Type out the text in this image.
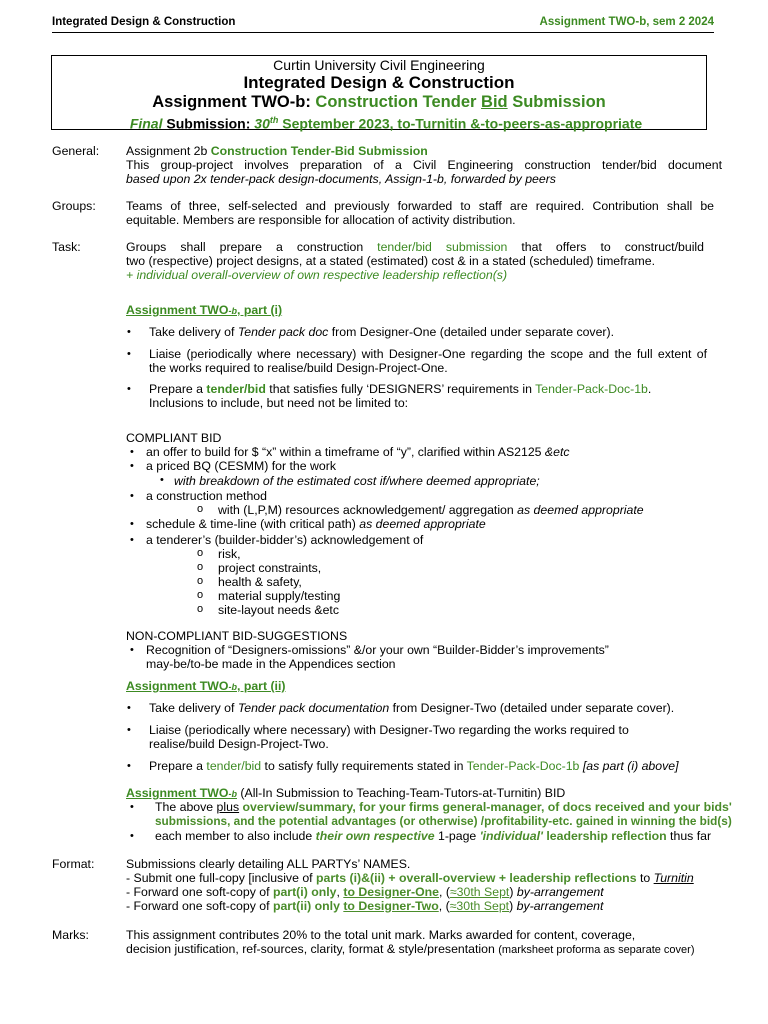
Integrated Design & Construction	Assignment TWO-b, sem 2 2024
Curtin University Civil Engineering
Integrated Design & Construction
Assignment TWO-b: Construction Tender Bid Submission
Final Submission: 30th September 2023, to-Turnitin &-to-peers-as-appropriate
General: Assignment 2b Construction Tender-Bid Submission
This group-project involves preparation of a Civil Engineering construction tender/bid document
based upon 2x tender-pack design-documents, Assign-1-b, forwarded by peers
Groups: Teams of three, self-selected and previously forwarded to staff are required. Contribution shall be
equitable. Members are responsible for allocation of activity distribution.
Task:	Groups shall prepare a construction tender/bid submission that offers to construct/build
two (respective) project designs, at a stated (estimated) cost & in a stated (scheduled) timeframe.
+ individual overall-overview of own respective leadership reflection(s)
Assignment TWO-b, part (i)
• Take delivery of Tender pack doc from Designer-One (detailed under separate cover).
• Liaise (periodically where necessary) with Designer-One regarding the scope and the full extent of
the works required to realise/build Design-Project-One.
• Prepare a tender/bid that satisfies fully ‘DESIGNERS’ requirements in Tender-Pack-Doc-1b.
Inclusions to include, but need not be limited to:
COMPLIANT BID
• an offer to build for $ “x” within a timeframe of “y”, clarified within AS2125 &etc
• a priced BQ (CESMM) for the work
• with breakdown of the estimated cost if/where deemed appropriate;
• a construction method
o with (L,P,M) resources acknowledgement/ aggregation as deemed appropriate
• schedule & time-line (with critical path) as deemed appropriate
• a tenderer’s (builder-bidder’s) acknowledgement of
o risk,
o project constraints,
o health & safety,
o material supply/testing
o site-layout needs &etc
NON-COMPLIANT BID-SUGGESTIONS
• Recognition of “Designers-omissions” &/or your own “Builder-Bidder’s improvements”
may-be/to-be made in the Appendices section
Assignment TWO-b, part (ii)
• Take delivery of Tender pack documentation from Designer-Two (detailed under separate cover).
• Liaise (periodically where necessary) with Designer-Two regarding the works required to
realise/build Design-Project-Two.
• Prepare a tender/bid to satisfy fully requirements stated in Tender-Pack-Doc-1b [as part (i) above]
Assignment TWO-b (All-In Submission to Teaching-Team-Tutors-at-Turnitin) BID
• The above plus overview/summary, for your firms general-manager, of docs received and your bids'
submissions, and the potential advantages (or otherwise) /profitability-etc. gained in winning the bid(s)
• each member to also include their own respective 1-page 'individual' leadership reflection thus far
Format:	Submissions clearly detailing ALL PARTYs’ NAMES.
- Submit one full-copy [inclusive of parts (i)&(ii) + overall-overview + leadership reflections to Turnitin
- Forward one soft-copy of part(i) only, to Designer-One, (≈30th Sept) by-arrangement
- Forward one soft-copy of part(ii) only to Designer-Two, (≈30th Sept) by-arrangement
Marks:	This assignment contributes 20% to the total unit mark. Marks awarded for content, coverage,
decision justification, ref-sources, clarity, format & style/presentation (marksheet proforma as separate cover)
